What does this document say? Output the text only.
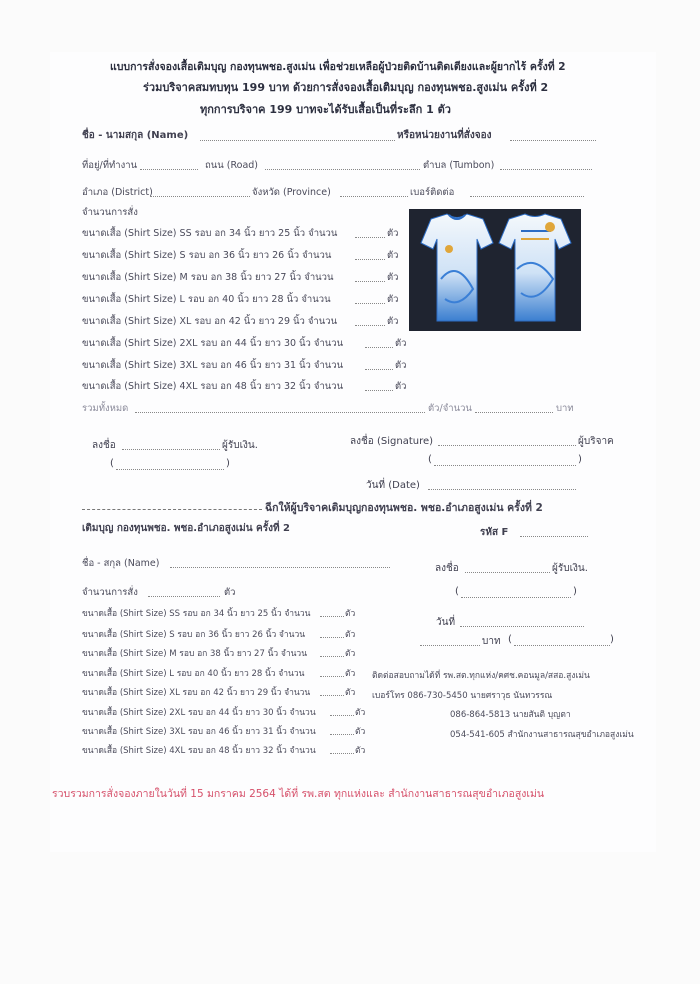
แบบการสั่งจองเสื้อเติมบุญ กองทุนพชอ.สูงเม่น เพื่อช่วยเหลือผู้ป่วยติดบ้านติดเตียงและผู้ยากไร้ ครั้งที่ 2
ร่วมบริจาคสมทบทุน 199 บาท ด้วยการสั่งจองเสื้อเติมบุญ กองทุนพชอ.สูงเม่น ครั้งที่ 2
ทุกการบริจาค 199 บาทจะได้รับเสื้อเป็นที่ระลึก 1 ตัว
ชื่อ - นามสกุล (Name)	หรือหน่วยงานที่สั่งจอง
ที่อยู่/ที่ทำงาน	ถนน (Road)	ตำบล (Tumbon)
อำเภอ (District)	จังหวัด (Province)	เบอร์ติดต่อ
จำนวนการสั่ง
ขนาดเสื้อ (Shirt Size) SS รอบ อก 34 นิ้ว ยาว 25 นิ้ว จำนวน	ตัว
ขนาดเสื้อ (Shirt Size) S รอบ อก 36 นิ้ว ยาว 26 นิ้ว จำนวน	ตัว
ขนาดเสื้อ (Shirt Size) M รอบ อก 38 นิ้ว ยาว 27 นิ้ว จำนวน	ตัว
ขนาดเสื้อ (Shirt Size) L รอบ อก 40 นิ้ว ยาว 28 นิ้ว จำนวน	ตัว
ขนาดเสื้อ (Shirt Size) XL รอบ อก 42 นิ้ว ยาว 29 นิ้ว จำนวน	ตัว
ขนาดเสื้อ (Shirt Size) 2XL รอบ อก 44 นิ้ว ยาว 30 นิ้ว จำนวน	ตัว
ขนาดเสื้อ (Shirt Size) 3XL รอบ อก 46 นิ้ว ยาว 31 นิ้ว จำนวน	ตัว
ขนาดเสื้อ (Shirt Size) 4XL รอบ อก 48 นิ้ว ยาว 32 นิ้ว จำนวน	ตัว
รวมทั้งหมด	ตัว/จำนวน	บาท
ลงชื่อ	ผู้รับเงิน.
(	)
ลงชื่อ (Signature)	ผู้บริจาค
(	)
วันที่ (Date)
ฉีกให้ผู้บริจาคเติมบุญกองทุนพชอ. พชอ.อำเภอสูงเม่น ครั้งที่ 2
เติมบุญ กองทุนพชอ. พชอ.อำเภอสูงเม่น ครั้งที่ 2	รหัส F
ชื่อ - สกุล (Name)	ลงชื่อ	ผู้รับเงิน.
(	)
จำนวนการสั่ง	ตัว
วันที่
บาท (	)
ขนาดเสื้อ (Shirt Size) SS รอบ อก 34 นิ้ว ยาว 25 นิ้ว จำนวน	ตัว
ขนาดเสื้อ (Shirt Size) S รอบ อก 36 นิ้ว ยาว 26 นิ้ว จำนวน	ตัว
ขนาดเสื้อ (Shirt Size) M รอบ อก 38 นิ้ว ยาว 27 นิ้ว จำนวน	ตัว
ขนาดเสื้อ (Shirt Size) L รอบ อก 40 นิ้ว ยาว 28 นิ้ว จำนวน	ตัว
ขนาดเสื้อ (Shirt Size) XL รอบ อก 42 นิ้ว ยาว 29 นิ้ว จำนวน	ตัว
ขนาดเสื้อ (Shirt Size) 2XL รอบ อก 44 นิ้ว ยาว 30 นิ้ว จำนวน	ตัว
ขนาดเสื้อ (Shirt Size) 3XL รอบ อก 46 นิ้ว ยาว 31 นิ้ว จำนวน	ตัว
ขนาดเสื้อ (Shirt Size) 4XL รอบ อก 48 นิ้ว ยาว 32 นิ้ว จำนวน	ตัว
ติดต่อสอบถามได้ที่ รพ.สต.ทุกแห่ง/คศช.คอนมูล/สสอ.สูงเม่น
เบอร์โทร 086-730-5450 นายศราวุธ นันทวรรณ
086-864-5813 นายสันติ บุญตา
054-541-605 สำนักงานสาธารณสุขอำเภอสูงเม่น
รวบรวมการสั่งจองภายในวันที่ 15 มกราคม 2564 ได้ที่ รพ.สต ทุกแห่งและ สำนักงานสาธารณสุขอำเภอสูงเม่น
